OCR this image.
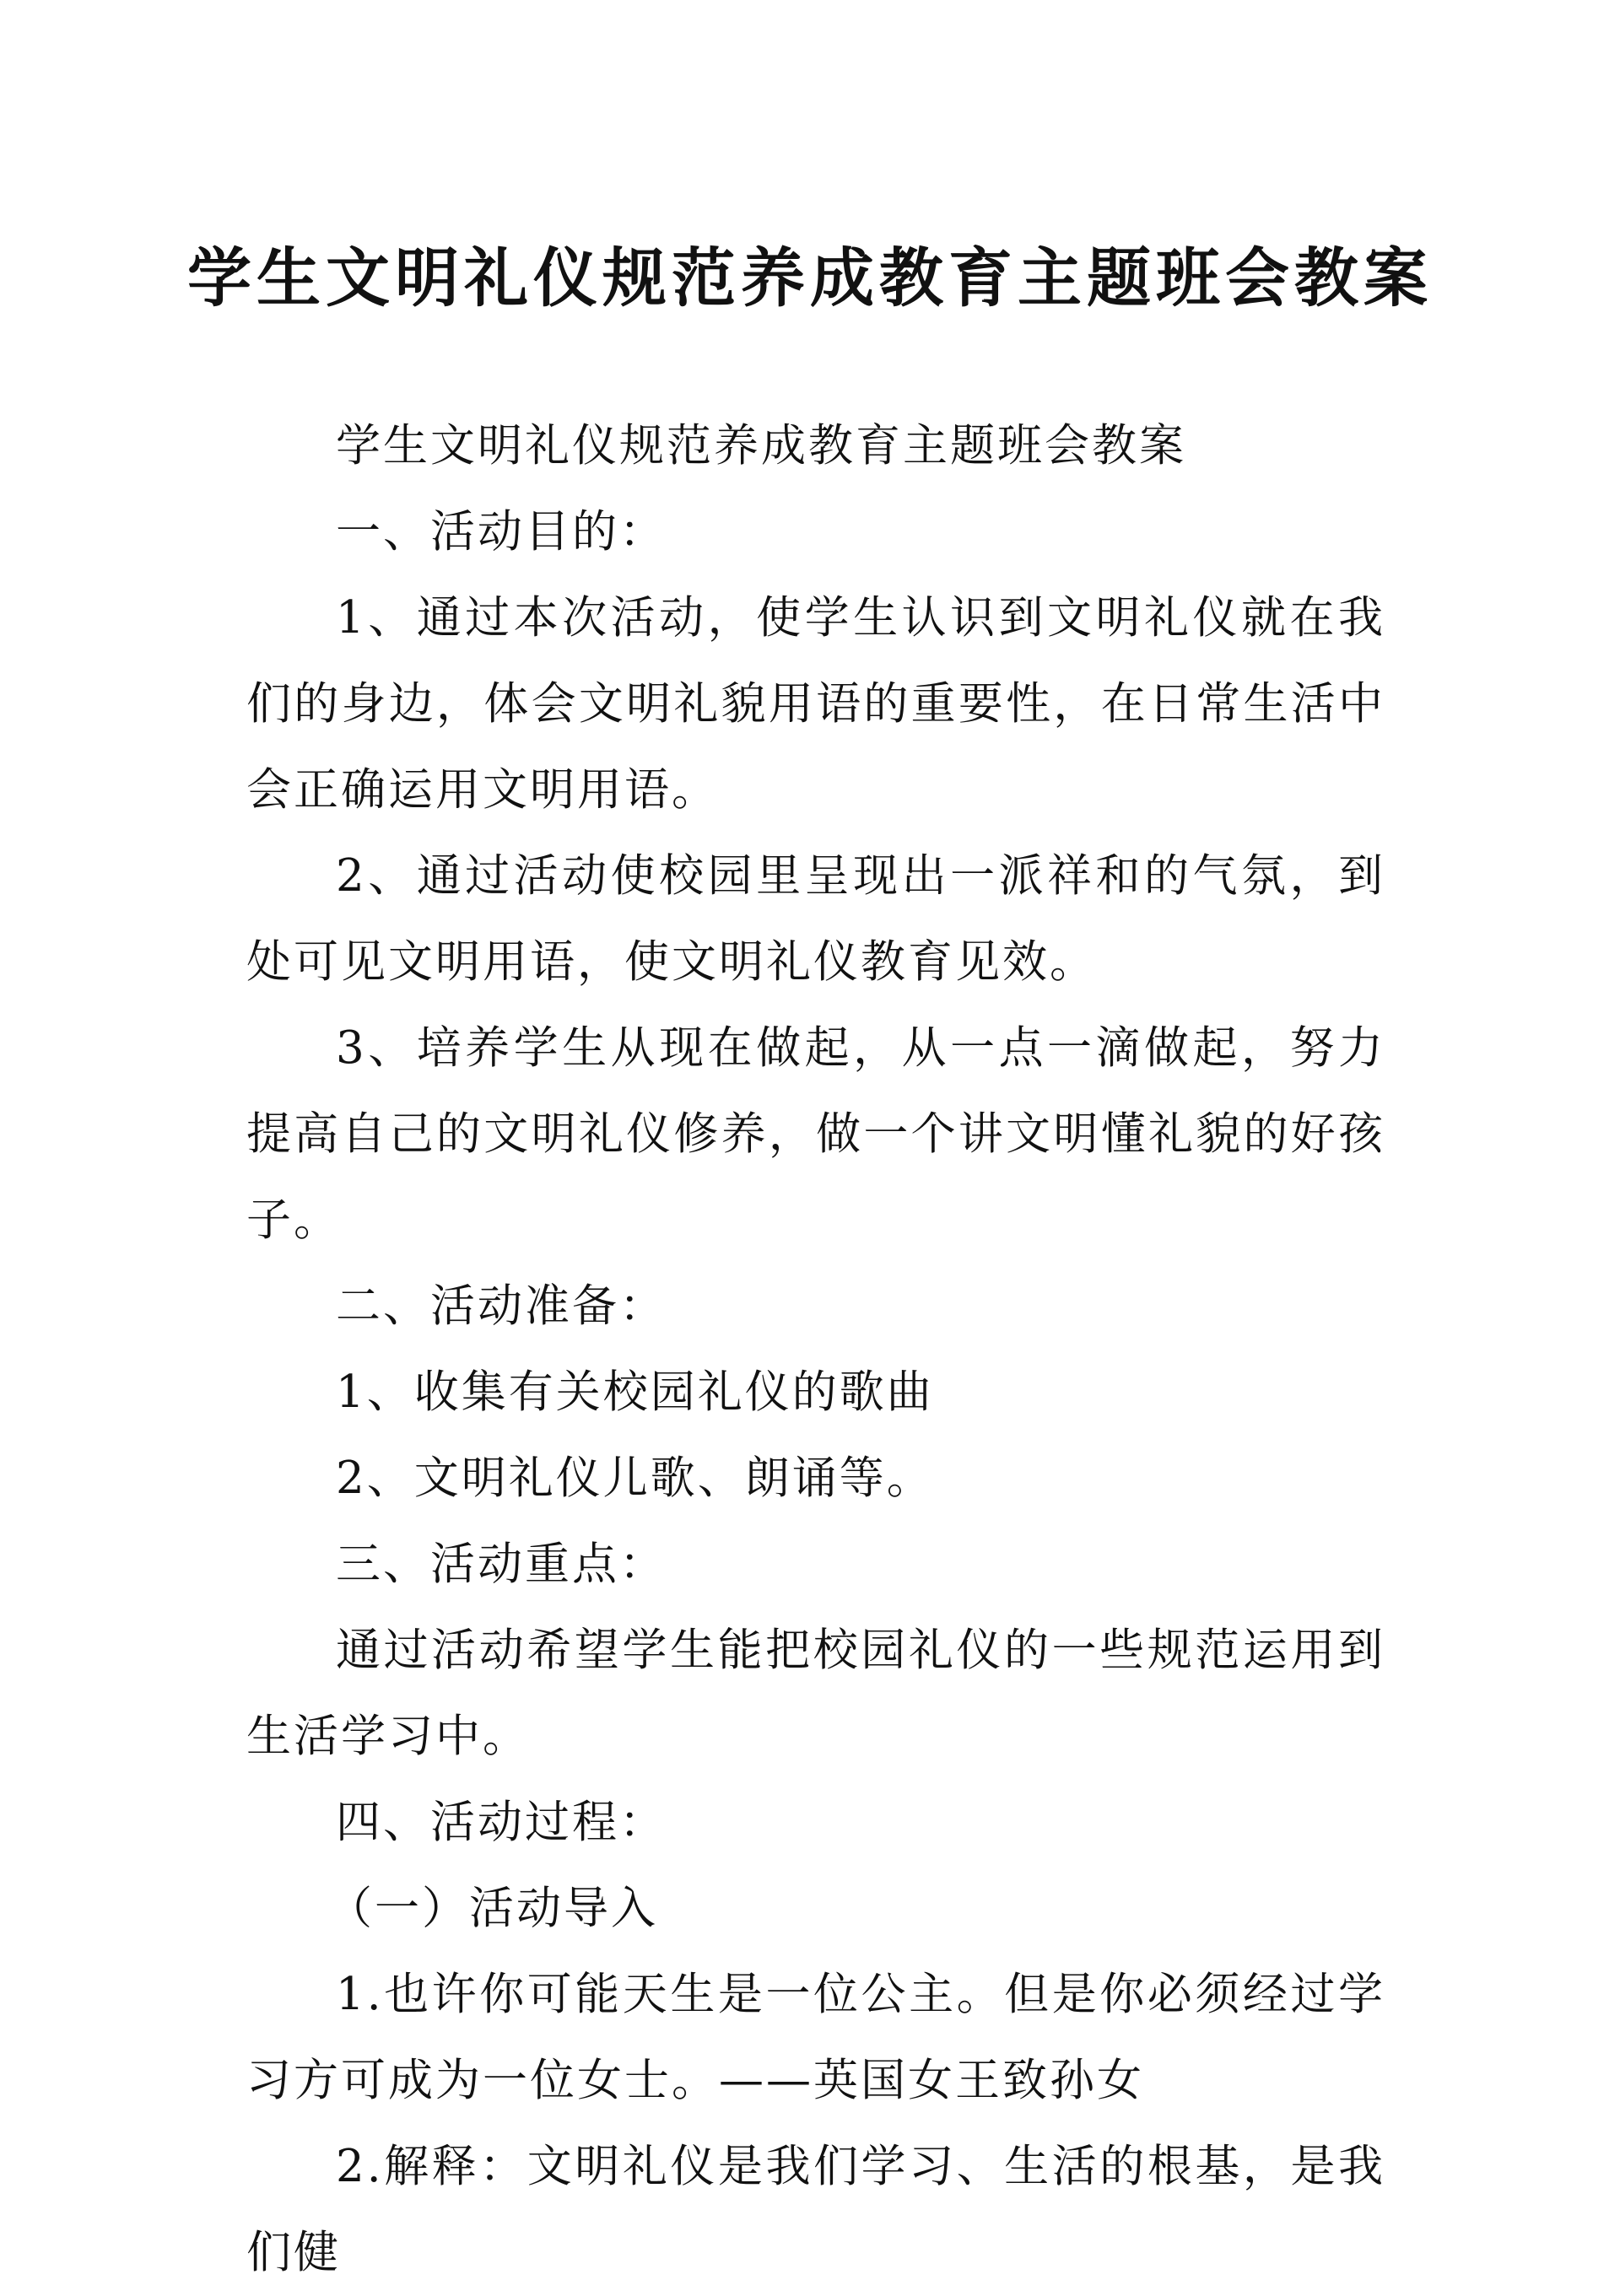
学生文明礼仪规范养成教育主题班会教案

学生文明礼仪规范养成教育主题班会教案

一、活动目的：

1、通过本次活动，使学生认识到文明礼仪就在我们的身边，体会文明礼貌用语的重要性，在日常生活中会正确运用文明用语。

2、通过活动使校园里呈现出一派祥和的气氛，到处可见文明用语，使文明礼仪教育见效。

3、培养学生从现在做起，从一点一滴做起，努力提高自己的文明礼仪修养，做一个讲文明懂礼貌的好孩子。

二、活动准备：

1、收集有关校园礼仪的歌曲

2、文明礼仪儿歌、朗诵等。

三、活动重点：

通过活动希望学生能把校园礼仪的一些规范运用到生活学习中。

四、活动过程：

（一）活动导入

1.也许你可能天生是一位公主。但是你必须经过学习方可成为一位女士。——英国女王致孙女

2.解释：文明礼仪是我们学习、生活的根基，是我们健
